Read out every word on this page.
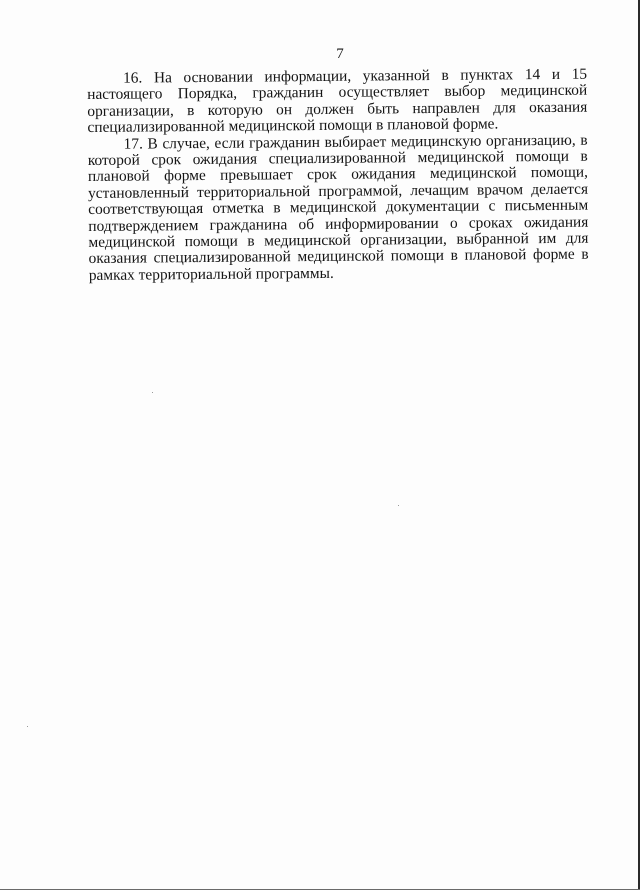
7

16. На основании информации, указанной в пунктах 14 и 15 настоящего Порядка, гражданин осуществляет выбор медицинской организации, в которую он должен быть направлен для оказания специализированной медицинской помощи в плановой форме.

17. В случае, если гражданин выбирает медицинскую организацию, в которой срок ожидания специализированной медицинской помощи в плановой форме превышает срок ожидания медицинской помощи, установленный территориальной программой, лечащим врачом делается соответствующая отметка в медицинской документации с письменным подтверждением гражданина об информировании о сроках ожидания медицинской помощи в медицинской организации, выбранной им для оказания специализированной медицинской помощи в плановой форме в рамках территориальной программы.
